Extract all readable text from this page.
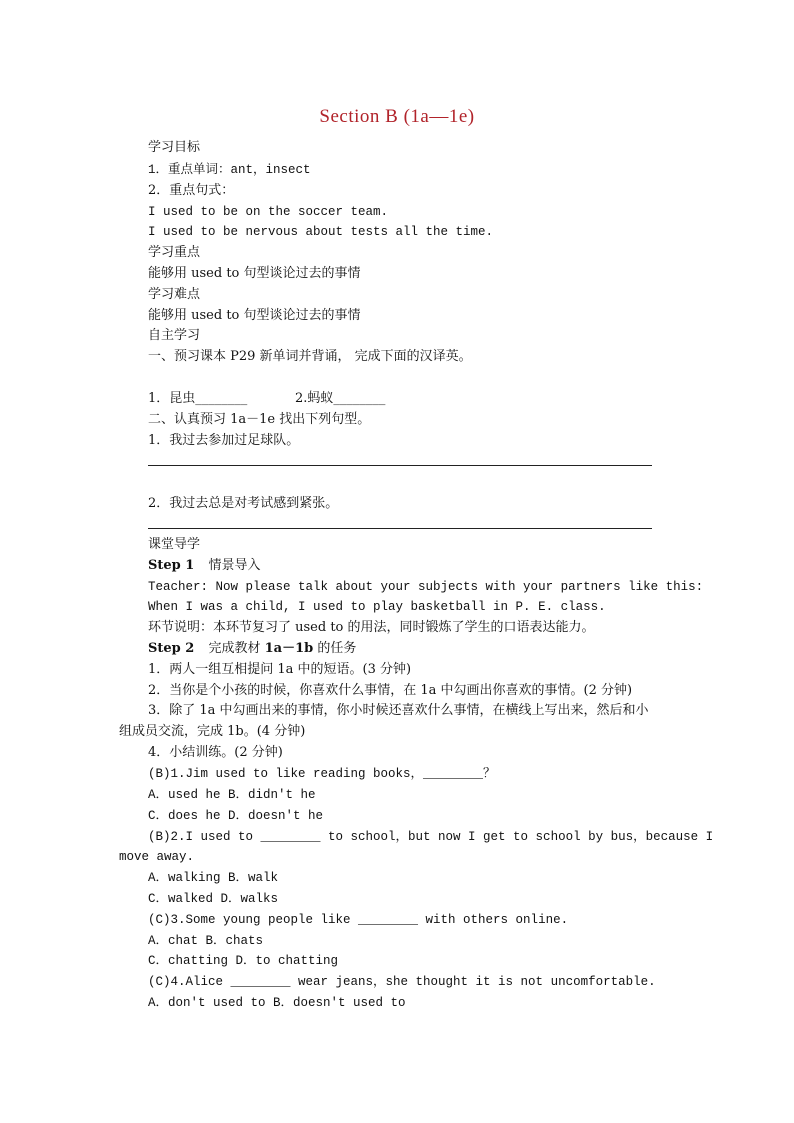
Section B (1a—1e)
学习目标
1．重点单词：ant，insect
2．重点句式：
I used to be on the soccer team.
I used to be nervous about tests all the time.
学习重点
能够用 used to 句型谈论过去的事情
学习难点
能够用 used to 句型谈论过去的事情
自主学习
一、预习课本 P29 新单词并背诵， 完成下面的汉译英。
1．昆虫________	2.蚂蚁________
二、认真预习 1a－1e 找出下列句型。
1．我过去参加过足球队。
2．我过去总是对考试感到紧张。
课堂导学
Step 1 情景导入
Teacher: Now please talk about your subjects with your partners like this:
When I was a child, I used to play basketball in P. E. class.
环节说明：本环节复习了 used to 的用法，同时锻炼了学生的口语表达能力。
Step 2 完成教材 1a－1b 的任务
1．两人一组互相提问 1a 中的短语。(3 分钟)
2．当你是个小孩的时候，你喜欢什么事情，在 1a 中勾画出你喜欢的事情。(2 分钟)
3．除了 1a 中勾画出来的事情，你小时候还喜欢什么事情，在横线上写出来，然后和小
组成员交流，完成 1b。(4 分钟)
4．小结训练。(2 分钟)
(B)1.Jim used to like reading books，________？
A．used he B．didn't he
C．does he D．doesn't he
(B)2.I used to ________ to school，but now I get to school by bus，because I
move away.
A．walking B．walk
C．walked D．walks
(C)3.Some young people like ________ with others online.
A．chat B．chats
C．chatting D．to chatting
(C)4.Alice ________ wear jeans，she thought it is not uncomfortable.
A．don't used to B．doesn't used to
